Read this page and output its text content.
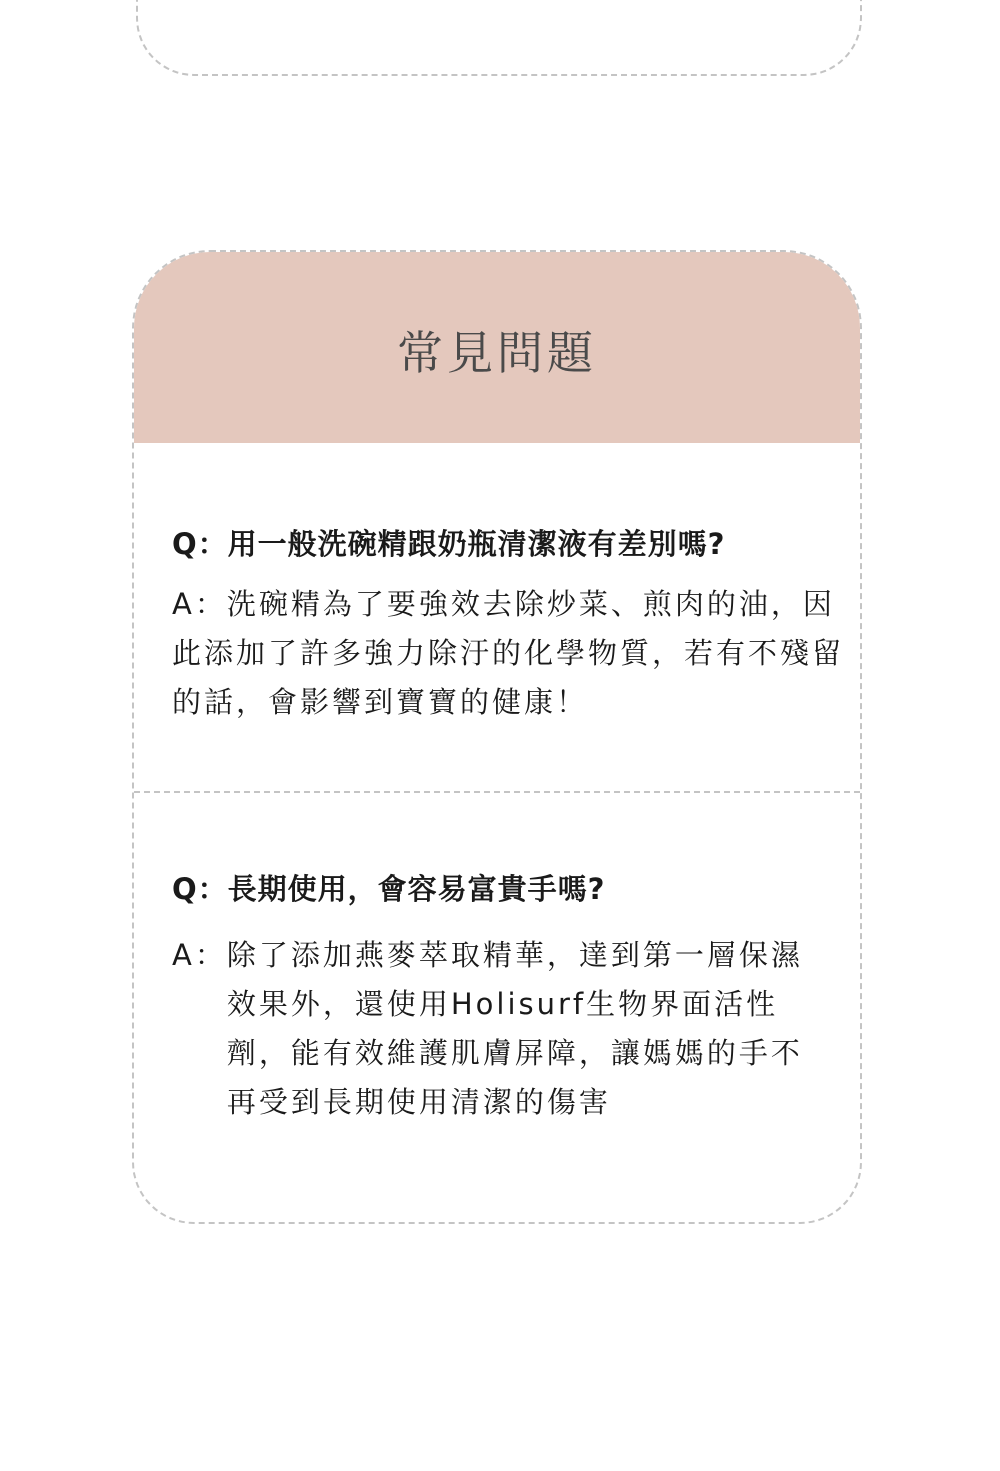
常見問題
Q： 用一般洗碗精跟奶瓶清潔液有差別嗎?
A：洗碗精為了要強效去除炒菜、煎肉的油，因此添加了許多強力除汙的化學物質，若有不殘留的話，會影響到寶寶的健康！
Q： 長期使用，會容易富貴手嗎?
A： 除了添加燕麥萃取精華，達到第一層保濕效果外，還使用Holisurf生物界面活性劑，能有效維護肌膚屏障，讓媽媽的手不再受到長期使用清潔的傷害
